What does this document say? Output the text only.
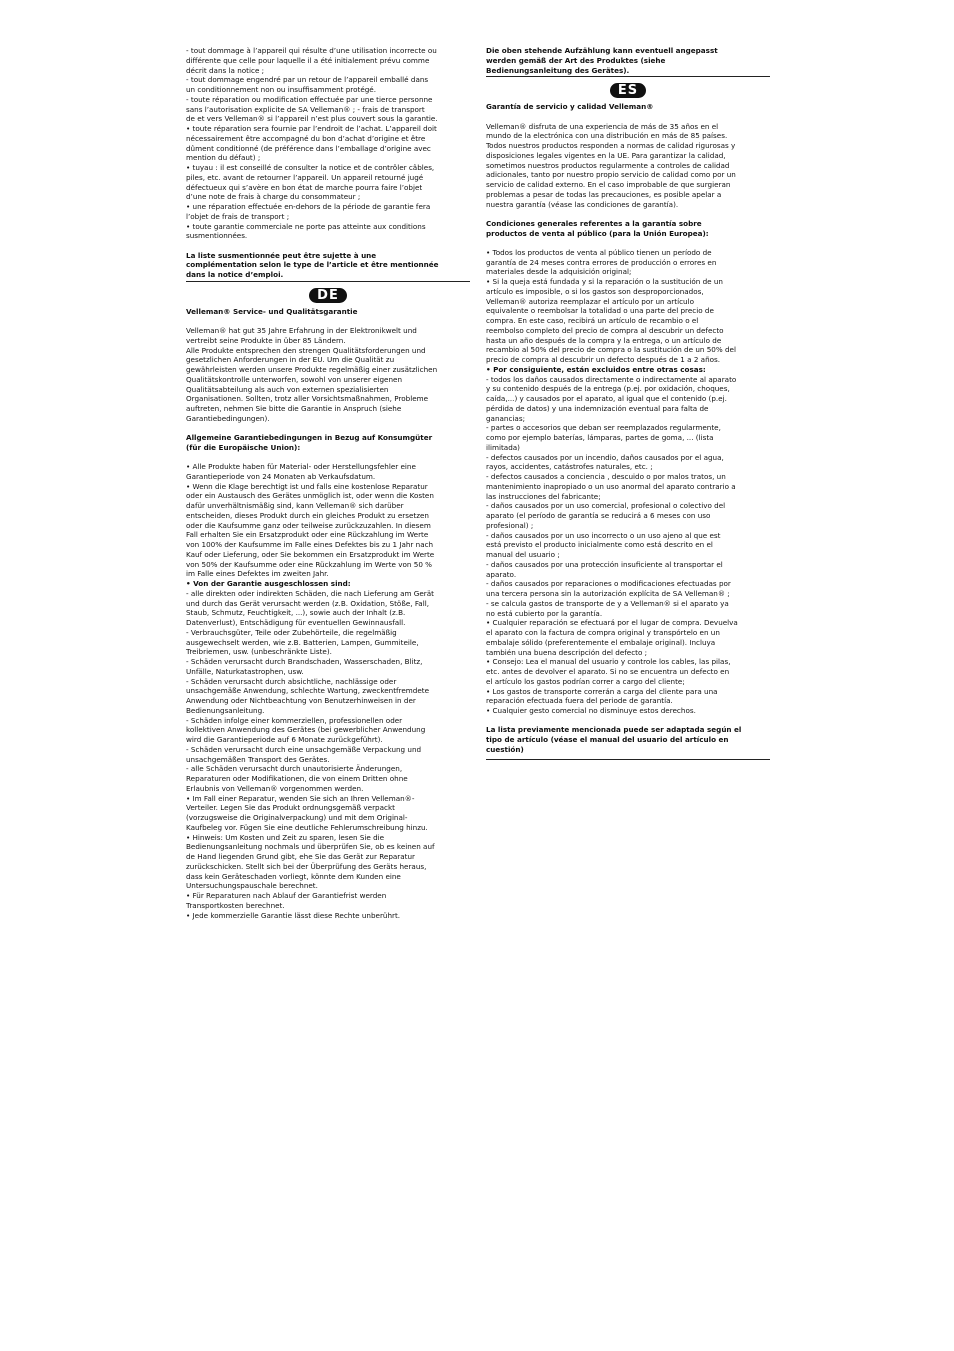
- tout dommage à l’appareil qui résulte d’une utilisation incorrecte ou

différente que celle pour laquelle il a été initialement prévu comme

décrit dans la notice ;

- tout dommage engendré par un retour de l’appareil emballé dans

un conditionnement non ou insuffisamment protégé.

- toute réparation ou modification effectuée par une tierce personne

sans l’autorisation explicite de SA Velleman® ; - frais de transport

de et vers Velleman® si l’appareil n’est plus couvert sous la garantie.

• toute réparation sera fournie par l’endroit de l’achat. L’appareil doit

nécessairement être accompagné du bon d’achat d’origine et être

dûment conditionné (de préférence dans l’emballage d’origine avec

mention du défaut) ;

• tuyau : il est conseillé de consulter la notice et de contrôler câbles,

piles, etc. avant de retourner l’appareil. Un appareil retourné jugé

défectueux qui s’avère en bon état de marche pourra faire l’objet

d’une note de frais à charge du consommateur ;

• une réparation effectuée en-dehors de la période de garantie fera

l’objet de frais de transport ;

• toute garantie commerciale ne porte pas atteinte aux conditions

susmentionnées.

La liste susmentionnée peut être sujette à une

complémentation selon le type de l’article et être mentionnée

dans la notice d’emploi.

DE

Velleman® Service- und Qualitätsgarantie

Velleman® hat gut 35 Jahre Erfahrung in der Elektronikwelt und

vertreibt seine Produkte in über 85 Ländern.

Alle Produkte entsprechen den strengen Qualitätsforderungen und

gesetzlichen Anforderungen in der EU. Um die Qualität zu

gewährleisten werden unsere Produkte regelmäßig einer zusätzlichen

Qualitätskontrolle unterworfen, sowohl von unserer eigenen

Qualitätsabteilung als auch von externen spezialisierten

Organisationen. Sollten, trotz aller Vorsichtsmaßnahmen, Probleme

auftreten, nehmen Sie bitte die Garantie in Anspruch (siehe

Garantiebedingungen).

Allgemeine Garantiebedingungen in Bezug auf Konsumgüter

(für die Europäische Union):

• Alle Produkte haben für Material- oder Herstellungsfehler eine

Garantieperiode von 24 Monaten ab Verkaufsdatum.

• Wenn die Klage berechtigt ist und falls eine kostenlose Reparatur

oder ein Austausch des Gerätes unmöglich ist, oder wenn die Kosten

dafür unverhältnismäßig sind, kann Velleman® sich darüber

entscheiden, dieses Produkt durch ein gleiches Produkt zu ersetzen

oder die Kaufsumme ganz oder teilweise zurückzuzahlen. In diesem

Fall erhalten Sie ein Ersatzprodukt oder eine Rückzahlung im Werte

von 100% der Kaufsumme im Falle eines Defektes bis zu 1 Jahr nach

Kauf oder Lieferung, oder Sie bekommen ein Ersatzprodukt im Werte

von 50% der Kaufsumme oder eine Rückzahlung im Werte von 50 %

im Falle eines Defektes im zweiten Jahr.

• Von der Garantie ausgeschlossen sind:

- alle direkten oder indirekten Schäden, die nach Lieferung am Gerät

und durch das Gerät verursacht werden (z.B. Oxidation, Stöße, Fall,

Staub, Schmutz, Feuchtigkeit, ...), sowie auch der Inhalt (z.B.

Datenverlust), Entschädigung für eventuellen Gewinnausfall.

- Verbrauchsgüter, Teile oder Zubehörteile, die regelmäßig

ausgewechselt werden, wie z.B. Batterien, Lampen, Gummiteile,

Treibriemen, usw. (unbeschränkte Liste).

- Schäden verursacht durch Brandschaden, Wasserschaden, Blitz,

Unfälle, Naturkatastrophen, usw.

- Schäden verursacht durch absichtliche, nachlässige oder

unsachgemäße Anwendung, schlechte Wartung, zweckentfremdete

Anwendung oder Nichtbeachtung von Benutzerhinweisen in der

Bedienungsanleitung.

- Schäden infolge einer kommerziellen, professionellen oder

kollektiven Anwendung des Gerätes (bei gewerblicher Anwendung

wird die Garantieperiode auf 6 Monate zurückgeführt).

- Schäden verursacht durch eine unsachgemäße Verpackung und

unsachgemäßen Transport des Gerätes.

- alle Schäden verursacht durch unautorisierte Änderungen,

Reparaturen oder Modifikationen, die von einem Dritten ohne

Erlaubnis von Velleman® vorgenommen werden.

• Im Fall einer Reparatur, wenden Sie sich an Ihren Velleman®-

Verteiler. Legen Sie das Produkt ordnungsgemäß verpackt

(vorzugsweise die Originalverpackung) und mit dem Original-

Kaufbeleg vor. Fügen Sie eine deutliche Fehlerumschreibung hinzu.

• Hinweis: Um Kosten und Zeit zu sparen, lesen Sie die

Bedienungsanleitung nochmals und überprüfen Sie, ob es keinen auf

de Hand liegenden Grund gibt, ehe Sie das Gerät zur Reparatur

zurückschicken. Stellt sich bei der Überprüfung des Geräts heraus,

dass kein Geräteschaden vorliegt, könnte dem Kunden eine

Untersuchungspauschale berechnet.

• Für Reparaturen nach Ablauf der Garantiefrist werden

Transportkosten berechnet.

• Jede kommerzielle Garantie lässt diese Rechte unberührt.

Die oben stehende Aufzählung kann eventuell angepasst

werden gemäß der Art des Produktes (siehe

Bedienungsanleitung des Gerätes).

ES

Garantía de servicio y calidad Velleman®

Velleman® disfruta de una experiencia de más de 35 años en el

mundo de la electrónica con una distribución en más de 85 países.

Todos nuestros productos responden a normas de calidad rigurosas y

disposiciones legales vigentes en la UE. Para garantizar la calidad,

sometimos nuestros productos regularmente a controles de calidad

adicionales, tanto por nuestro propio servicio de calidad como por un

servicio de calidad externo. En el caso improbable de que surgieran

problemas a pesar de todas las precauciones, es posible apelar a

nuestra garantía (véase las condiciones de garantía).

Condiciones generales referentes a la garantía sobre

productos de venta al público (para la Unión Europea):

• Todos los productos de venta al público tienen un período de

garantía de 24 meses contra errores de producción o errores en

materiales desde la adquisición original;

• Si la queja está fundada y si la reparación o la sustitución de un

artículo es imposible, o si los gastos son desproporcionados,

Velleman® autoriza reemplazar el artículo por un artículo

equivalente o reembolsar la totalidad o una parte del precio de

compra. En este caso, recibirá un artículo de recambio o el

reembolso completo del precio de compra al descubrir un defecto

hasta un año después de la compra y la entrega, o un artículo de

recambio al 50% del precio de compra o la sustitución de un 50% del

precio de compra al descubrir un defecto después de 1 a 2 años.

• Por consiguiente, están excluidos entre otras cosas:

- todos los daños causados directamente o indirectamente al aparato

y su contenido después de la entrega (p.ej. por oxidación, choques,

caída,...) y causados por el aparato, al igual que el contenido (p.ej.

pérdida de datos) y una indemnización eventual para falta de

ganancias;

- partes o accesorios que deban ser reemplazados regularmente,

como por ejemplo baterías, lámparas, partes de goma, ... (lista

ilimitada)

- defectos causados por un incendio, daños causados por el agua,

rayos, accidentes, catástrofes naturales, etc. ;

- defectos causados a conciencia , descuido o por malos tratos, un

mantenimiento inapropiado o un uso anormal del aparato contrario a

las instrucciones del fabricante;

- daños causados por un uso comercial, profesional o colectivo del

aparato (el período de garantía se reducirá a 6 meses con uso

profesional) ;

- daños causados por un uso incorrecto o un uso ajeno al que est

está previsto el producto inicialmente como está descrito en el

manual del usuario ;

- daños causados por una protección insuficiente al transportar el

aparato.

- daños causados por reparaciones o modificaciones efectuadas por

una tercera persona sin la autorización explícita de SA Velleman® ;

- se calcula gastos de transporte de y a Velleman® si el aparato ya

no está cubierto por la garantía.

• Cualquier reparación se efectuará por el lugar de compra. Devuelva

el aparato con la factura de compra original y transpórtelo en un

embalaje sólido (preferentemente el embalaje original). Incluya

también una buena descripción del defecto ;

• Consejo: Lea el manual del usuario y controle los cables, las pilas,

etc. antes de devolver el aparato. Si no se encuentra un defecto en

el artículo los gastos podrían correr a cargo del cliente;

• Los gastos de transporte correrán a carga del cliente para una

reparación efectuada fuera del periode de garantía.

• Cualquier gesto comercial no disminuye estos derechos.

La lista previamente mencionada puede ser adaptada según el

tipo de artículo (véase el manual del usuario del artículo en

cuestión)
